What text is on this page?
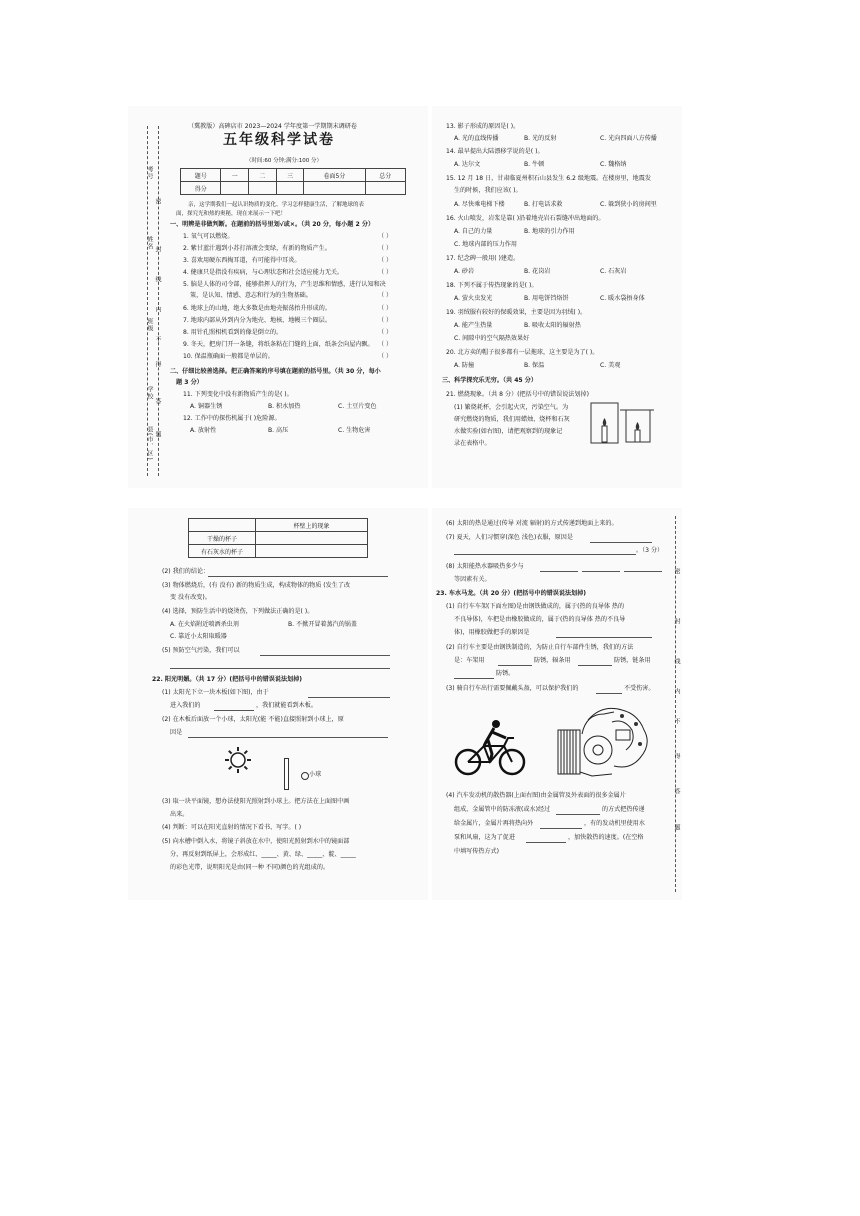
考号
密
姓名 封
线
内
班级
不
得
学校
答
县(市、区) 题
（冀教版）高碑店市 2023—2024 学年度第一学期期末调研卷
五年级科学试卷
（时间:60 分钟;满分:100 分）
题号	一	二	三	卷面5分	总分
得分					
亲，这学期我们一起认识物质的变化、学习怎样健康生活，了解地球的表
面，探究光和热的奥秘，现在来展示一下吧！
一、明辨是非做判断。在题前的括号里划√或×。（共 20 分，每小题 2 分）
1. 氧气可以燃烧。	（ ）
2. 紫甘蓝汁遇到小苏打溶液会变绿，有新的物质产生。	（ ）
3. 喜欢用硬东西掏耳道，有可能得中耳炎。	（ ）
4. 健康只是指没有疾病，与心理状态和社会适应能力无关。	（ ）
5. 脑是人体的司令部，能够指挥人的行为，产生思维和情感，进行认知和决
策，是认知、情感、意志和行为的生物基础。	（ ）
6. 地球上的山地，绝大多数是由地壳振荡抬升形成的。	（ ）
7. 地球内部从外到内分为地壳、地核、地幔三个圈层。	（ ）
8. 用针孔照相机看到的像是倒立的。	（ ）
9. 冬天，把房门开一条缝，将纸条粘在门缝的上面，纸条会向屋内飘。 （ ）
10. 保温瓶确面一般都是单层的。	（ ）
二、仔细比较善选择。把正确答案的序号填在题前的括号里。（共 30 分，每小
题 3 分）
11. 下列变化中没有新物质产生的是( )。
A. 铜器生锈	B. 积水加热	C. 土豆片变色
12. 工作中的探伤机属于( )危险源。
A. 放射性	B. 高压	C. 生物危害
13. 影子形成的原因是( )。
A. 光的直线传播	B. 光的反射	C. 光向四面八方传播
14. 最早提出大陆漂移学说的是( )。
A. 达尔文	B. 牛顿	C. 魏格纳
15. 12 月 18 日，甘肃临夏州积石山县发生 6.2 级地震。在楼房里，地震发
生的时候，我们应该( )。
A. 尽快乘电梯下楼	B. 打电话求救	C. 躲到狭小的房间里
16. 火山喷发，岩浆是靠( )沿着地壳岩石裂缝冲出地面的。
A. 自己的力量	B. 地球的引力作用
C. 地球内部的压力作用
17. 纪念碑一般用( )建造。
A. 砂岩	B. 花岗岩	C. 石灰岩
18. 下列不属于传热现象的是( )。
A. 萤火虫发光	B. 用电饼铛烙饼	C. 暖水袋捂身体
19. 羽绒服有较好的保暖效果，主要是因为羽绒( )。
A. 能产生热量	B. 吸收太阳的辐射热
C. 间隙中的空气隔热效果好
20. 北方卖的帽子很多都有一层拖球，这主要是为了( )。
A. 防撞	B. 保温	C. 美观
三、科学探究乐无穷。（共 45 分）
21. 燃烧现象。（共 8 分）(把括号中的错误说法划掉)
(1) 繁烧耗杯，会引起火灾，污染空气。为
研究燃烧的物质，我们用蜡烛、烧杯和石灰
水做实验(如右图)，请把观察到的现象记
录在表格中。
	杯壁上的现象
干燥的杯子	
有石灰水的杯子	
(2) 我们的结论：
(3) 物体燃烧后，(有 没有) 新的物质生成，构成物体的物质 (发生了改
变 没有改变)。
(4) 选择，预防生活中的烧烫伤，下列做法正确的是( )。
A. 在火焰附近喷洒杀虫剂	B. 不掀开冒着蒸汽的锅盖
C. 靠近小太阳取暖器
(5) 预防空气污染，我们可以
22. 阳光明媚。（共 17 分）(把括号中的错误说法划掉)
(1) 太阳光下立一块木板(如下图)，由于
进入我们的	，我们就能看到木板。
(2) 在木板后面放一个小球，太阳光(能 不能)直接照射到小球上，原
因是
小球
(3) 取一块平面镜，想办法使阳光照射到小球上。把方法在上面图中画
出来。
(4) 判断：可以在阳光直射的情况下看书、写字。( )
(5) 向水槽中倒入水，将镜子斜放在水中，使阳光照射到水中的镜面部
分，再反射到纸屏上，会形成红、_____、黄、绿、_____、靛、_____
的彩色光带，说明阳光是由(同一种 不同)颜色的光组成的。
密
封
线
内
不
得
答
题
(6) 太阳的热是通过(传导 对流 辐射)的方式传递到地面上来的。
(7) 夏天，人们习惯穿(深色 浅色)衣服，原因是
。（3 分）
(8) 太阳能热水器吸热多少与
等因素有关。
23. 车水马龙。（共 20 分）(把括号中的错误说法划掉)
(1) 自行车车架(下面左图)是由钢铁做成的，属于(热的良导体 热的
不良导体)，车把是由橡胶做成的，属于(热的良导体 热的不良导
体)，用橡胶做把手的原因是
(2) 自行车主要是由钢铁制造的，为防止自行车部件生锈，我们的方法
是：车架用	防锈，辐条用	防锈，链条用
防锈。
(3) 骑自行车出行需要佩戴头盔，可以保护我们的	不受伤害。
(4) 汽车发动机的散热器(上面右图)由金属管及外表面的很多金属片
组成，金属管中的防冻液(或水)经过	的方式把热传递
给金属片，金属片再将热向外	，有的发动机里使用水
泵和风扇，这为了促进	，加快散热的速度。(在空格
中填写传热方式)
